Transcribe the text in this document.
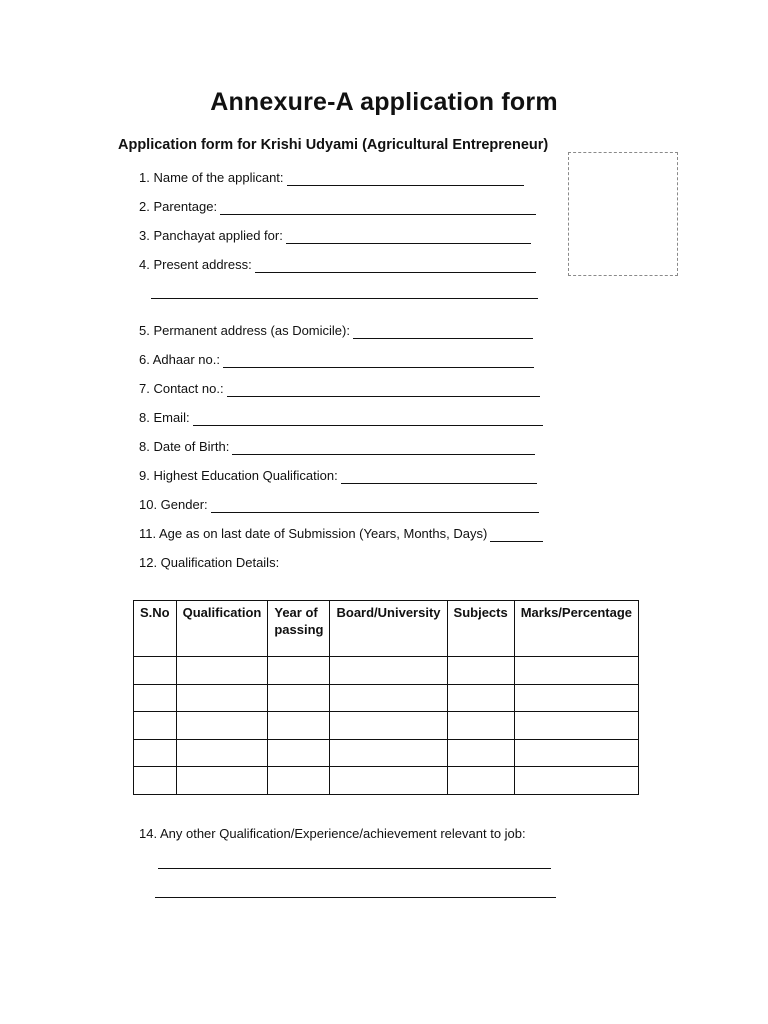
Annexure-A application form
Application form for Krishi Udyami (Agricultural Entrepreneur)
1. Name of the applicant:
2. Parentage:
3. Panchayat applied for:
4. Present address:
5. Permanent address (as Domicile):
6. Adhaar no.:
7. Contact no.:
8. Email:
8. Date of Birth:
9. Highest Education Qualification:
10. Gender:
11. Age as on last date of Submission (Years, Months, Days)
12. Qualification Details:
S.No	Qualification	Year of passing	Board/University	Subjects	Marks/Percentage

14. Any other Qualification/Experience/achievement relevant to job:
